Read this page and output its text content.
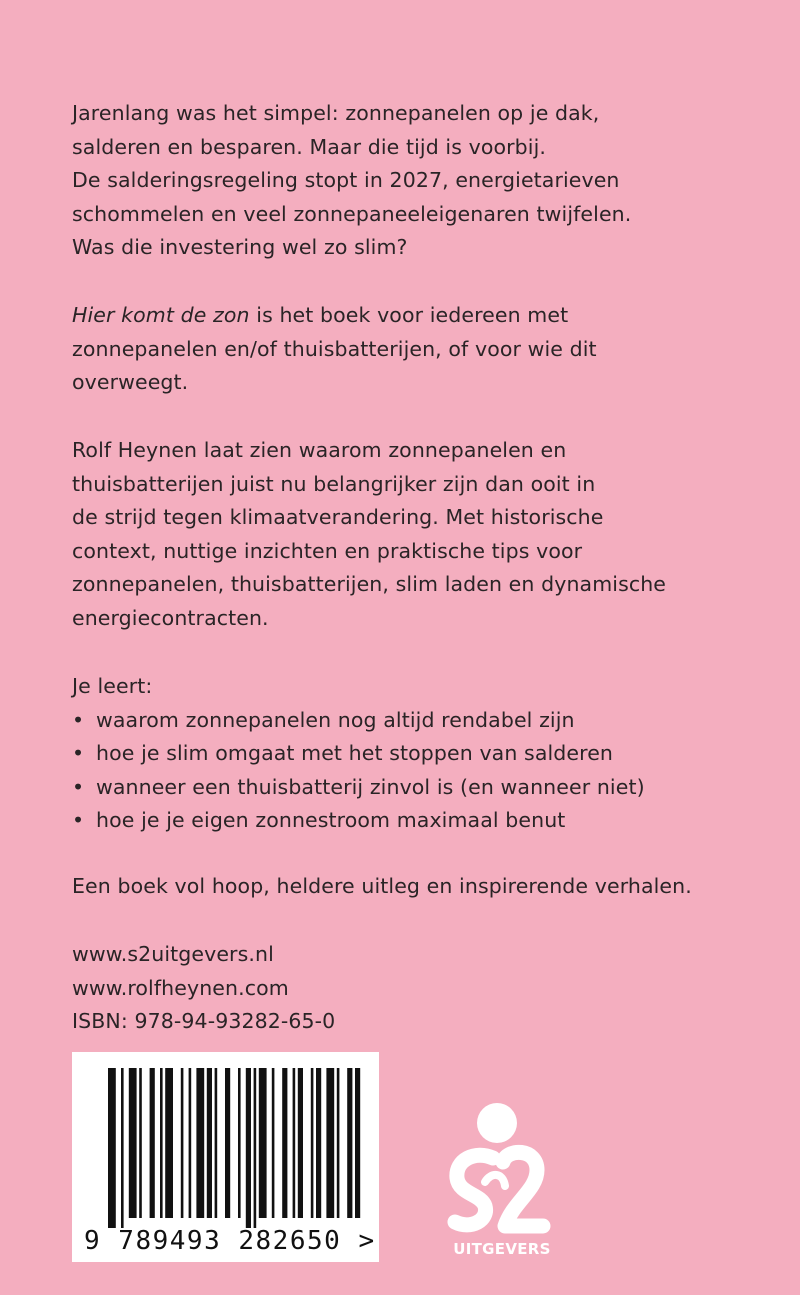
Jarenlang was het simpel: zonnepanelen op je dak,
salderen en besparen. Maar die tijd is voorbij.
De salderingsregeling stopt in 2027, energietarieven
schommelen en veel zonnepaneeleigenaren twijfelen.
Was die investering wel zo slim?
Hier komt de zon is het boek voor iedereen met
zonnepanelen en/of thuisbatterijen, of voor wie dit
overweegt.
Rolf Heynen laat zien waarom zonnepanelen en
thuisbatterijen juist nu belangrijker zijn dan ooit in
de strijd tegen klimaatverandering. Met historische
context, nuttige inzichten en praktische tips voor
zonnepanelen, thuisbatterijen, slim laden en dynamische
energiecontracten.
Je leert:
• waarom zonnepanelen nog altijd rendabel zijn
• hoe je slim omgaat met het stoppen van salderen
• wanneer een thuisbatterij zinvol is (en wanneer niet)
• hoe je je eigen zonnestroom maximaal benut
Een boek vol hoop, heldere uitleg en inspirerende verhalen.
www.s2uitgevers.nl
www.rolfheynen.com
ISBN: 978-94-93282-65-0
9 789493 282650 >	UITGEVERS
